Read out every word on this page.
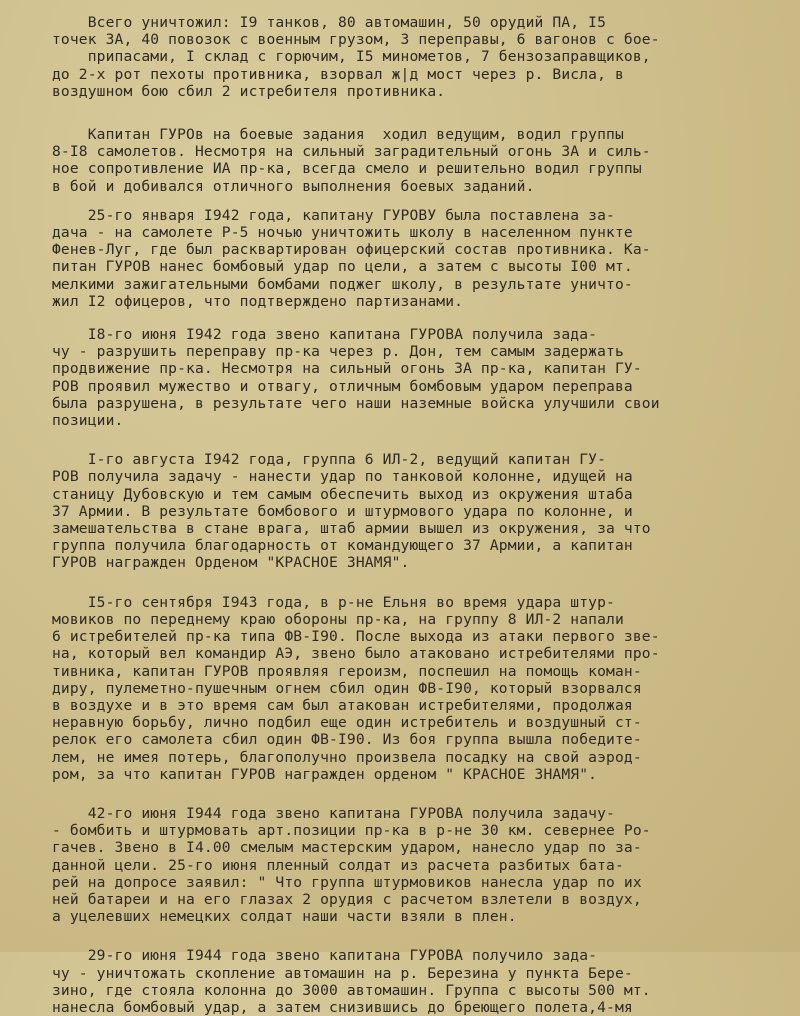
Всего уничтожил: I9 танков, 80 автомашин, 50 орудий ПА, I5
точек ЗА, 40 повозок с военным грузом, 3 переправы, 6 вагонов с бое-
припасами, I склад с горючим, I5 минометов, 7 бензозаправщиков,
до 2-х рот пехоты противника, взорвал ж|д мост через р. Висла, в
воздушном бою сбил 2 истребителя противника.
Капитан ГУРОв на боевые задания  ходил ведущим, водил группы
8-I8 самолетов. Несмотря на сильный заградительный огонь ЗА и силь-
ное сопротивление ИА пр-ка, всегда смело и решительно водил группы
в бой и добивался отличного выполнения боевых заданий.
25-го января I942 года, капитану ГУРОВУ была поставлена за-
дача - на самолете Р-5 ночью уничтожить школу в населенном пункте
Фенев-Луг, где был расквартирован офицерский состав противника. Ка-
питан ГУРОВ нанес бомбовый удар по цели, а затем с высоты I00 мт.
мелкими зажигательными бомбами поджег школу, в результате уничто-
жил I2 офицеров, что подтверждено партизанами.
I8-го июня I942 года звено капитана ГУРОВА получила зада-
чу - разрушить переправу пр-ка через р. Дон, тем самым задержать
продвижение пр-ка. Несмотря на сильный огонь ЗА пр-ка, капитан ГУ-
РОВ проявил мужество и отвагу, отличным бомбовым ударом переправа
была разрушена, в результате чего наши наземные войска улучшили свои
позиции.
I-го августа I942 года, группа 6 ИЛ-2, ведущий капитан ГУ-
РОВ получила задачу - нанести удар по танковой колонне, идущей на
станицу Дубовскую и тем самым обеспечить выход из окружения штаба
37 Армии. В результате бомбового и штурмового удара по колонне, и
замешательства в стане врага, штаб армии вышел из окружения, за что
группа получила благодарность от командующего 37 Армии, а капитан
ГУРОВ награжден Орденом "КРАСНОЕ ЗНАМЯ".
I5-го сентября I943 года, в р-не Ельня во время удара штур-
мовиков по переднему краю обороны пр-ка, на группу 8 ИЛ-2 напали
6 истребителей пр-ка типа ФВ-I90. После выхода из атаки первого зве-
на, который вел командир АЭ, звено было атаковано истребителями про-
тивника, капитан ГУРОВ проявляя героизм, поспешил на помощь коман-
диру, пулеметно-пушечным огнем сбил один ФВ-I90, который взорвался
в воздухе и в это время сам был атакован истребителями, продолжая
неравную борьбу, лично подбил еще один истребитель и воздушный ст-
релок его самолета сбил один ФВ-I90. Из боя группа вышла победите-
лем, не имея потерь, благополучно произвела посадку на свой аэрод-
ром, за что капитан ГУРОВ награжден орденом " КРАСНОЕ ЗНАМЯ".
42-го июня I944 года звено капитана ГУРОВА получила задачу-
- бомбить и штурмовать арт.позиции пр-ка в р-не 30 км. севернее Ро-
гачев. Звено в I4.00 смелым мастерским ударом, нанесло удар по за-
данной цели. 25-го июня пленный солдат из расчета разбитых бата-
рей на допросе заявил: " Что группа штурмовиков нанесла удар по их
ней батареи и на его глазах 2 орудия с расчетом взлетели в воздух,
а уцелевших немецких солдат наши части взяли в плен.
29-го июня I944 года звено капитана ГУРОВА получило зада-
чу - уничтожать скопление автомашин на р. Березина у пункта Бере-
зино, где стояла колонна до 3000 автомашин. Группа с высоты 500 мт.
нанесла бомбовый удар, а затем снизившись до бреющего полета,4-мя
